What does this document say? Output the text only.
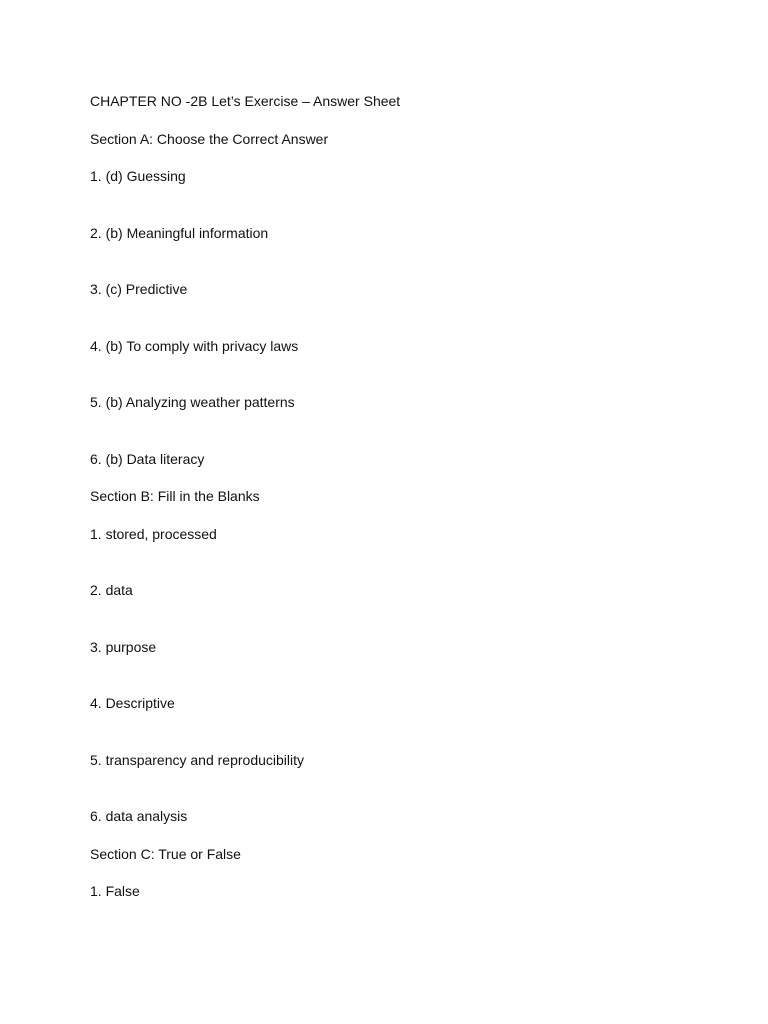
CHAPTER NO -2B Let’s Exercise – Answer Sheet
Section A: Choose the Correct Answer

1. (d) Guessing

2. (b) Meaningful information

3. (c) Predictive

4. (b) To comply with privacy laws

5. (b) Analyzing weather patterns

6. (b) Data literacy

Section B: Fill in the Blanks

1. stored, processed

2. data

3. purpose

4. Descriptive

5. transparency and reproducibility

6. data analysis

Section C: True or False

1. False
